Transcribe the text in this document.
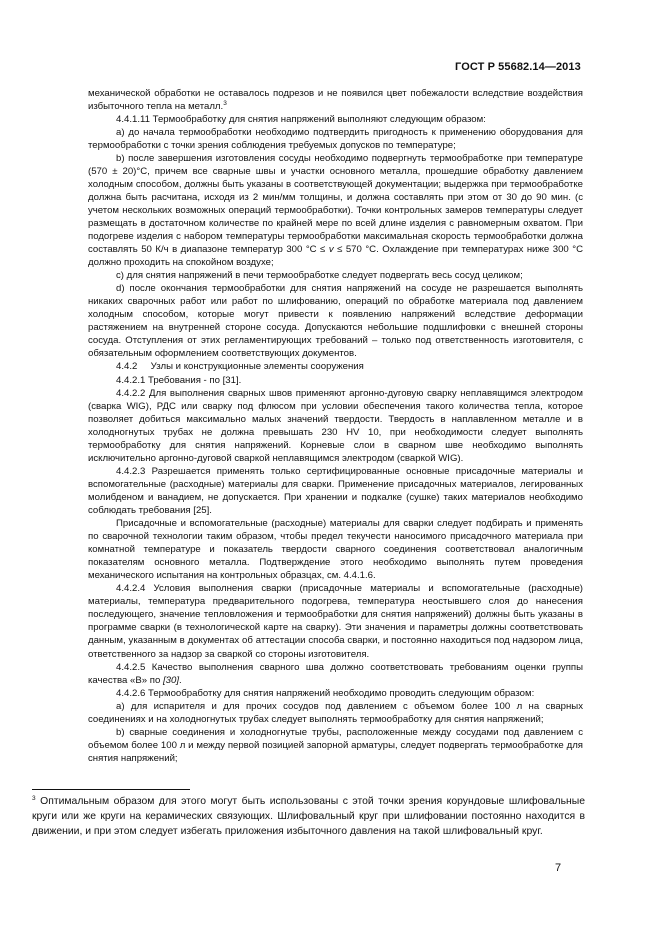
ГОСТ Р 55682.14—2013

механической обработки не оставалось подрезов и не появился цвет побежалости вследствие воздействия избыточного тепла на металл.$^3$

4.4.1.11 Термообработку для снятия напряжений выполняют следующим образом:

a) до начала термообработки необходимо подтвердить пригодность к применению оборудования для термообработки с точки зрения соблюдения требуемых допусков по температуре;

b) после завершения изготовления сосуды необходимо подвергнуть термообработке при температуре (570 ± 20)°С, причем все сварные швы и участки основного металла, прошедшие обработку давлением холодным способом, должны быть указаны в соответствующей документации; выдержка при термообработке должна быть расчитана, исходя из 2 мин/мм толщины, и должна составлять при этом от 30 до 90 мин. (с учетом нескольких возможных операций термообработки). Точки контрольных замеров температуры следует размещать в достаточном количестве по крайней мере по всей длине изделия с равномерным охватом. При подогреве изделия с набором температуры термообработки максимальная скорость термообработки должна составлять 50 К/ч в диапазоне температур 300 °С ≤ v ≤ 570 °С. Охлаждение при температурах ниже 300 °С должно проходить на спокойном воздухе;

c) для снятия напряжений в печи термообработке следует подвергать весь сосуд целиком;

d) после окончания термообработки для снятия напряжений на сосуде не разрешается выполнять никаких сварочных работ или работ по шлифованию, операций по обработке материала под давлением холодным способом, которые могут привести к появлению напряжений вследствие деформации растяжением на внутренней стороне сосуда. Допускаются небольшие подшлифовки с внешней стороны сосуда. Отступления от этих регламентирующих требований – только под ответственность изготовителя, с обязательным оформлением соответствующих документов.

4.4.2     Узлы и конструкционные элементы сооружения

4.4.2.1 Требования - по [31].

4.4.2.2 Для выполнения сварных швов применяют аргонно-дуговую сварку неплавящимся электродом (сварка WIG), РДС или сварку под флюсом при условии обеспечения такого количества тепла, которое позволяет добиться максимально малых значений твердости. Твердость в наплавленном металле и в холодногнутых трубах не должна превышать 230 HV 10, при необходимости следует выполнять термообработку для снятия напряжений. Корневые слои в сварном шве необходимо выполнять исключительно аргонно-дуговой сваркой неплавящимся электродом (сваркой WIG).

4.4.2.3 Разрешается применять только сертифицированные основные присадочные материалы и вспомогательные (расходные) материалы для сварки. Применение присадочных материалов, легированных молибденом и ванадием, не допускается. При хранении и подкалке (сушке) таких материалов необходимо соблюдать требования [25].

Присадочные и вспомогательные (расходные) материалы для сварки следует подбирать и применять по сварочной технологии таким образом, чтобы предел текучести наносимого присадочного материала при комнатной температуре и показатель твердости сварного соединения соответствовал аналогичным показателям основного металла. Подтверждение этого необходимо выполнять путем проведения механического испытания на контрольных образцах, см. 4.4.1.6.

4.4.2.4 Условия выполнения сварки (присадочные материалы и вспомогательные (расходные) материалы, температура предварительного подогрева, температура неостывшего слоя до нанесения последующего, значение тепловложения и термообработки для снятия напряжений) должны быть указаны в программе сварки (в технологической карте на сварку). Эти значения и параметры должны соответствовать данным, указанным в документах об аттестации способа сварки, и постоянно находиться под надзором лица, ответственного за надзор за сваркой со стороны изготовителя.

4.4.2.5 Качество выполнения сварного шва должно соответствовать требованиям оценки группы качества «В» по [30].

4.4.2.6 Термообработку для снятия напряжений необходимо проводить следующим образом:

a) для испарителя и для прочих сосудов под давлением с объемом более 100 л на сварных соединениях и на холодногнутых трубах следует выполнять термообработку для снятия напряжений;

b) сварные соединения и холодногнутые трубы, расположенные между сосудами под давлением с объемом более 100 л и между первой позицией запорной арматуры, следует подвергать термообработке для снятия напряжений;

$^3$ Оптимальным образом для этого могут быть использованы с этой точки зрения корундовые шлифовальные круги или же круги на керамических связующих. Шлифовальный круг при шлифовании постоянно находится в движении, и при этом следует избегать приложения избыточного давления на такой шлифовальный круг.
7
